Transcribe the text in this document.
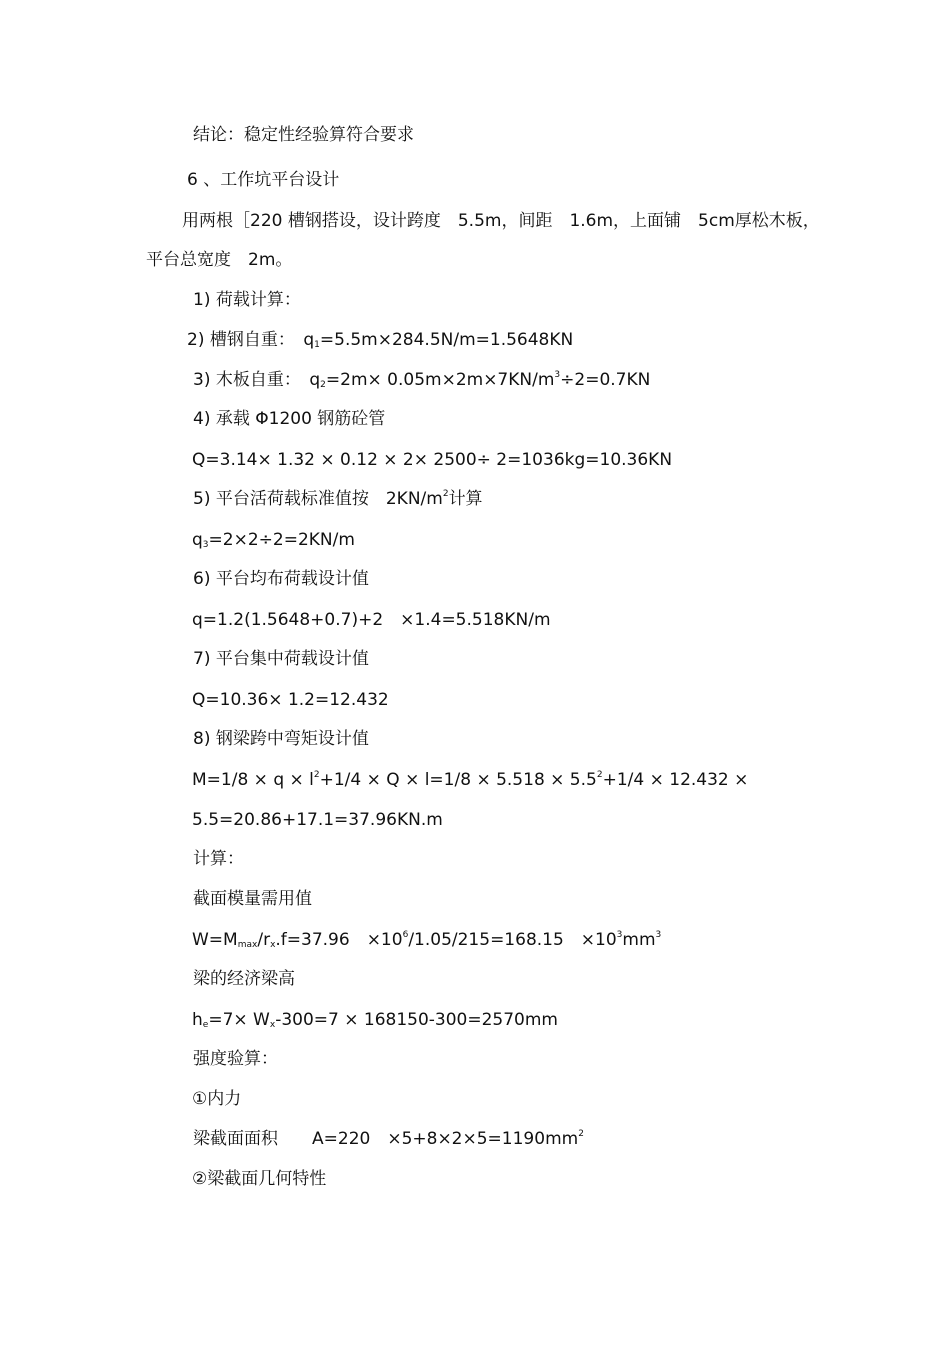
结论：稳定性经验算符合要求
6 、工作坑平台设计
用两根［220 槽钢搭设，设计跨度　5.5m，间距　1.6m，上面铺　5cm厚松木板，
平台总宽度　2m。
1) 荷载计算：
2) 槽钢自重：　$q_1=5.5m\times 284.5N/m=1.5648KN$
3) 木板自重：　$q_2=2m\times 0.05m\times 2m\times 7KN/m^3\div 2=0.7KN$
4) 承载 Φ1200 钢筋砼管
Q=3.14× 1.32 × 0.12 × 2× 2500÷ 2=1036kg=10.36KN
5) 平台活荷载标准值按　$2KN/m^2$计算
$q_3=2\times 2\div 2=2KN/m$
6) 平台均布荷载设计值
q=1.2(1.5648+0.7)+2　×1.4=5.518KN/m
7) 平台集中荷载设计值
Q=10.36× 1.2=12.432
8) 钢梁跨中弯矩设计值
$M=1/8 \times q \times l^2+1/4 \times Q \times l=1/8 \times 5.518 \times 5.5^2+1/4 \times 12.432$ ×
5.5=20.86+17.1=37.96KN.m
计算：
截面模量需用值
$W=M_{max}/r_x.f=37.96$　$\times 10^6/1.05/215=168.15$　$\times 10^3mm^3$
梁的经济梁高
$h_e=7\times W_x-300=7 \times 168150-300=2570mm$
强度验算：
①内力
梁截面面积　　A=220　$\times 5+8\times 2\times 5=1190mm^2$
②梁截面几何特性
